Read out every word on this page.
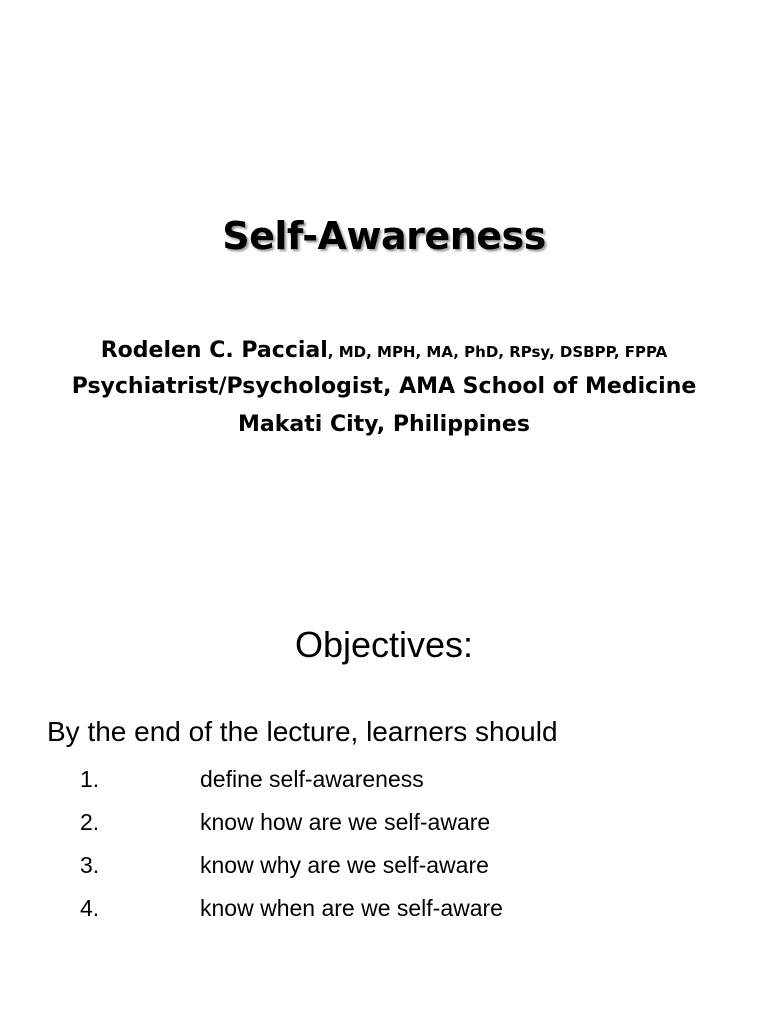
Self-Awareness
Rodelen C. Paccial, MD, MPH, MA, PhD, RPsy, DSBPP, FPPA
Psychiatrist/Psychologist, AMA School of Medicine
Makati City, Philippines
Objectives:
By the end of the lecture, learners should
1.	define self-awareness
2.	know how are we self-aware
3.	know why are we self-aware
4.	know when are we self-aware
